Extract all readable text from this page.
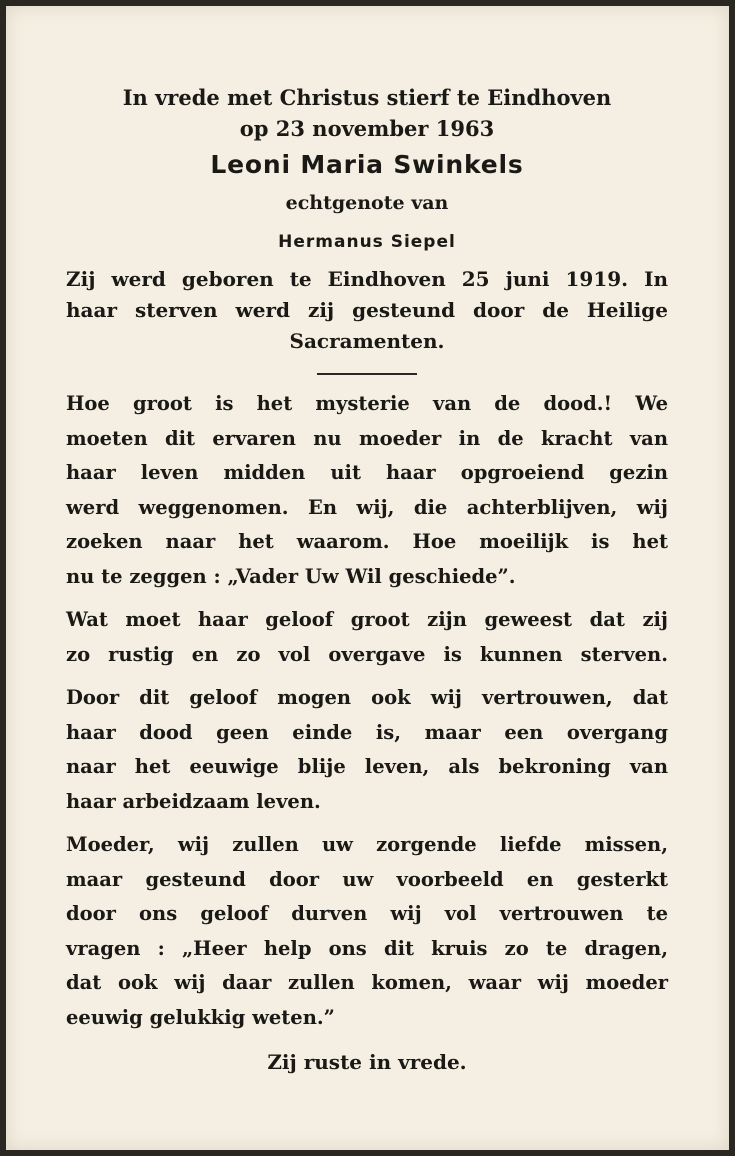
In vrede met Christus stierf te Eindhoven

op 23 november 1963

Leoni Maria Swinkels

echtgenote van

Hermanus Siepel

Zij werd geboren te Eindhoven 25 juni 1919. In
haar sterven werd zij gesteund door de Heilige
Sacramenten.
Hoe groot is het mysterie van de dood.! We
moeten dit ervaren nu moeder in de kracht van
haar leven midden uit haar opgroeiend gezin
werd weggenomen. En wij, die achterblijven, wij
zoeken naar het waarom. Hoe moeilijk is het
nu te zeggen : „Vader Uw Wil geschiede”.
Wat moet haar geloof groot zijn geweest dat zij
zo rustig en zo vol overgave is kunnen sterven.
Door dit geloof mogen ook wij vertrouwen, dat
haar dood geen einde is, maar een overgang
naar het eeuwige blije leven, als bekroning van
haar arbeidzaam leven.
Moeder, wij zullen uw zorgende liefde missen,
maar gesteund door uw voorbeeld en gesterkt
door ons geloof durven wij vol vertrouwen te
vragen : „Heer help ons dit kruis zo te dragen,
dat ook wij daar zullen komen, waar wij moeder
eeuwig gelukkig weten.”

Zij ruste in vrede.
